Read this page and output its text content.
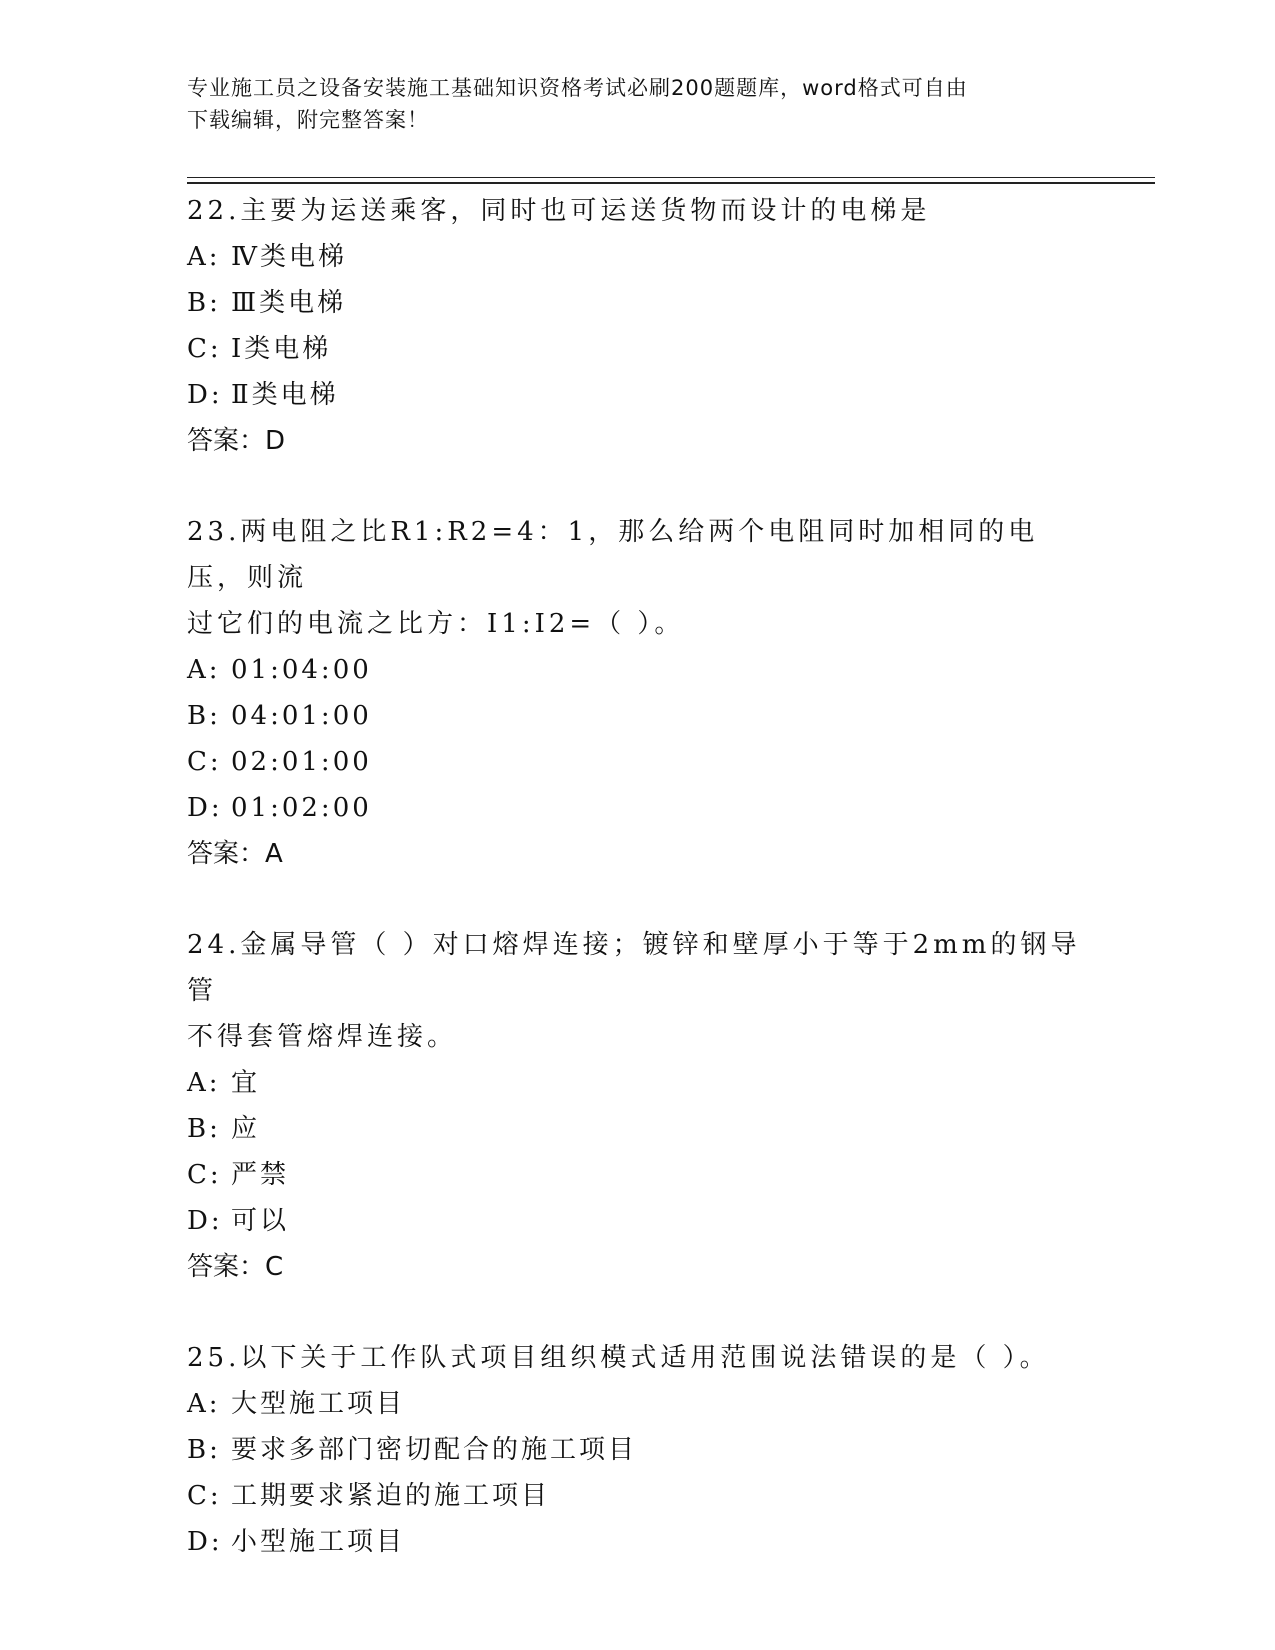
专业施工员之设备安装施工基础知识资格考试必刷200题题库，word格式可自由
下载编辑，附完整答案！

22.主要为运送乘客，同时也可运送货物而设计的电梯是

A: Ⅳ类电梯

B: Ⅲ类电梯

C: Ⅰ类电梯

D: Ⅱ类电梯

答案：D

23.两电阻之比R1:R2=4：1，那么给两个电阻同时加相同的电压，则流
过它们的电流之比方：I1:I2=（ ）。

A: 01:04:00

B: 04:01:00

C: 02:01:00

D: 01:02:00

答案：A

24.金属导管（ ）对口熔焊连接；镀锌和壁厚小于等于2mm的钢导管
不得套管熔焊连接。

A: 宜

B: 应

C: 严禁

D: 可以

答案：C

25.以下关于工作队式项目组织模式适用范围说法错误的是（ ）。

A: 大型施工项目

B: 要求多部门密切配合的施工项目

C: 工期要求紧迫的施工项目

D: 小型施工项目
